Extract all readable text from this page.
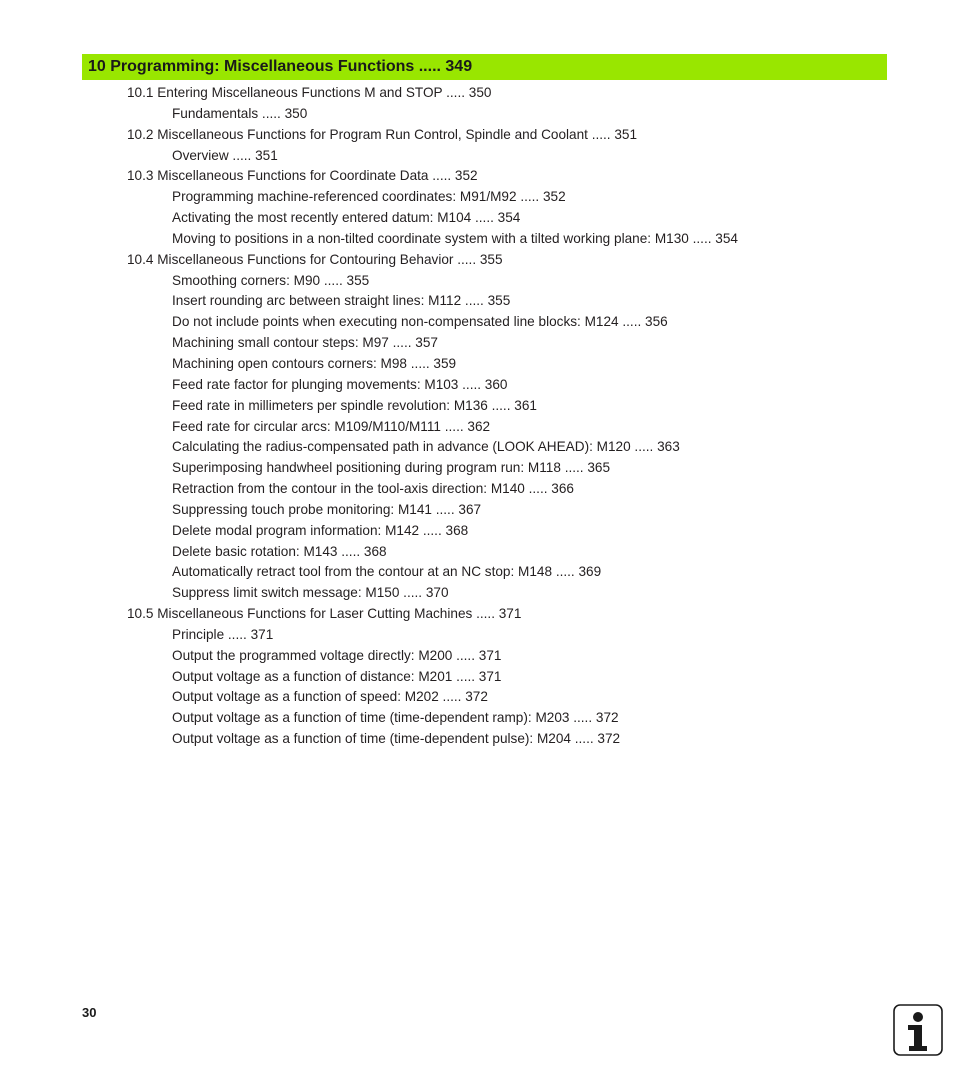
10 Programming: Miscellaneous Functions ..... 349
10.1 Entering Miscellaneous Functions M and STOP ..... 350
Fundamentals ..... 350
10.2 Miscellaneous Functions for Program Run Control, Spindle and Coolant ..... 351
Overview ..... 351
10.3 Miscellaneous Functions for Coordinate Data ..... 352
Programming machine-referenced coordinates: M91/M92 ..... 352
Activating the most recently entered datum: M104 ..... 354
Moving to positions in a non-tilted coordinate system with a tilted working plane: M130 ..... 354
10.4 Miscellaneous Functions for Contouring Behavior ..... 355
Smoothing corners: M90 ..... 355
Insert rounding arc between straight lines: M112 ..... 355
Do not include points when executing non-compensated line blocks: M124 ..... 356
Machining small contour steps: M97 ..... 357
Machining open contours corners: M98 ..... 359
Feed rate factor for plunging movements: M103 ..... 360
Feed rate in millimeters per spindle revolution: M136 ..... 361
Feed rate for circular arcs: M109/M110/M111 ..... 362
Calculating the radius-compensated path in advance (LOOK AHEAD): M120 ..... 363
Superimposing handwheel positioning during program run: M118 ..... 365
Retraction from the contour in the tool-axis direction: M140 ..... 366
Suppressing touch probe monitoring: M141 ..... 367
Delete modal program information: M142 ..... 368
Delete basic rotation: M143 ..... 368
Automatically retract tool from the contour at an NC stop: M148 ..... 369
Suppress limit switch message: M150 ..... 370
10.5 Miscellaneous Functions for Laser Cutting Machines ..... 371
Principle ..... 371
Output the programmed voltage directly: M200 ..... 371
Output voltage as a function of distance: M201 ..... 371
Output voltage as a function of speed: M202 ..... 372
Output voltage as a function of time (time-dependent ramp): M203 ..... 372
Output voltage as a function of time (time-dependent pulse): M204 ..... 372
30
